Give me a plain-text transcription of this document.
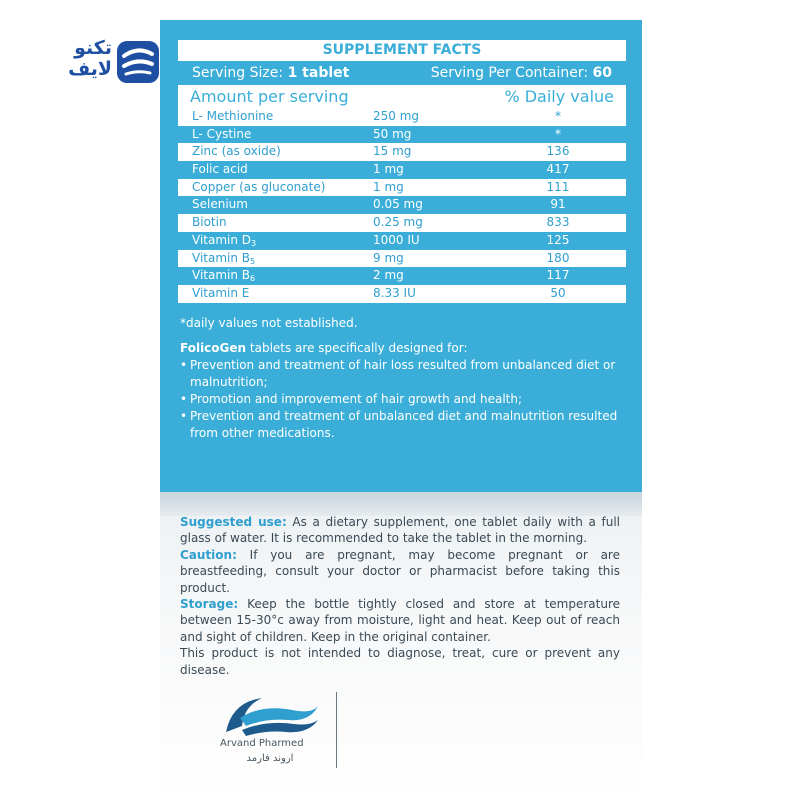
تکنو
لایف
SUPPLEMENT FACTS
Serving Size: 1 tablet	Serving Per Container: 60
Amount per serving	% Daily value
L- Methionine	250 mg	*
L- Cystine	50 mg	*
Zinc (as oxide)	15 mg	136
Folic acid	1 mg	417
Copper (as gluconate)	1 mg	111
Selenium	0.05 mg	91
Biotin	0.25 mg	833
Vitamin $D_3$	1000 IU	125
Vitamin $B_5$	9 mg	180
Vitamin $B_6$	2 mg	117
Vitamin E	8.33 IU	50
*daily values not established.
FolicoGen tablets are specifically designed for:
• Prevention and treatment of hair loss resulted from unbalanced diet or malnutrition;
• Promotion and improvement of hair growth and health;
• Prevention and treatment of unbalanced diet and malnutrition resulted from other medications.

Suggested use: As a dietary supplement, one tablet daily with a full glass of water. It is recommended to take the tablet in the morning.

Caution: If you are pregnant, may become pregnant or are breastfeeding, consult your doctor or pharmacist before taking this product.

Storage: Keep the bottle tightly closed and store at temperature between 15-30°c away from moisture, light and heat. Keep out of reach and sight of children. Keep in the original container.

This product is not intended to diagnose, treat, cure or prevent any disease.

Arvand Pharmed
اروند فارمد
